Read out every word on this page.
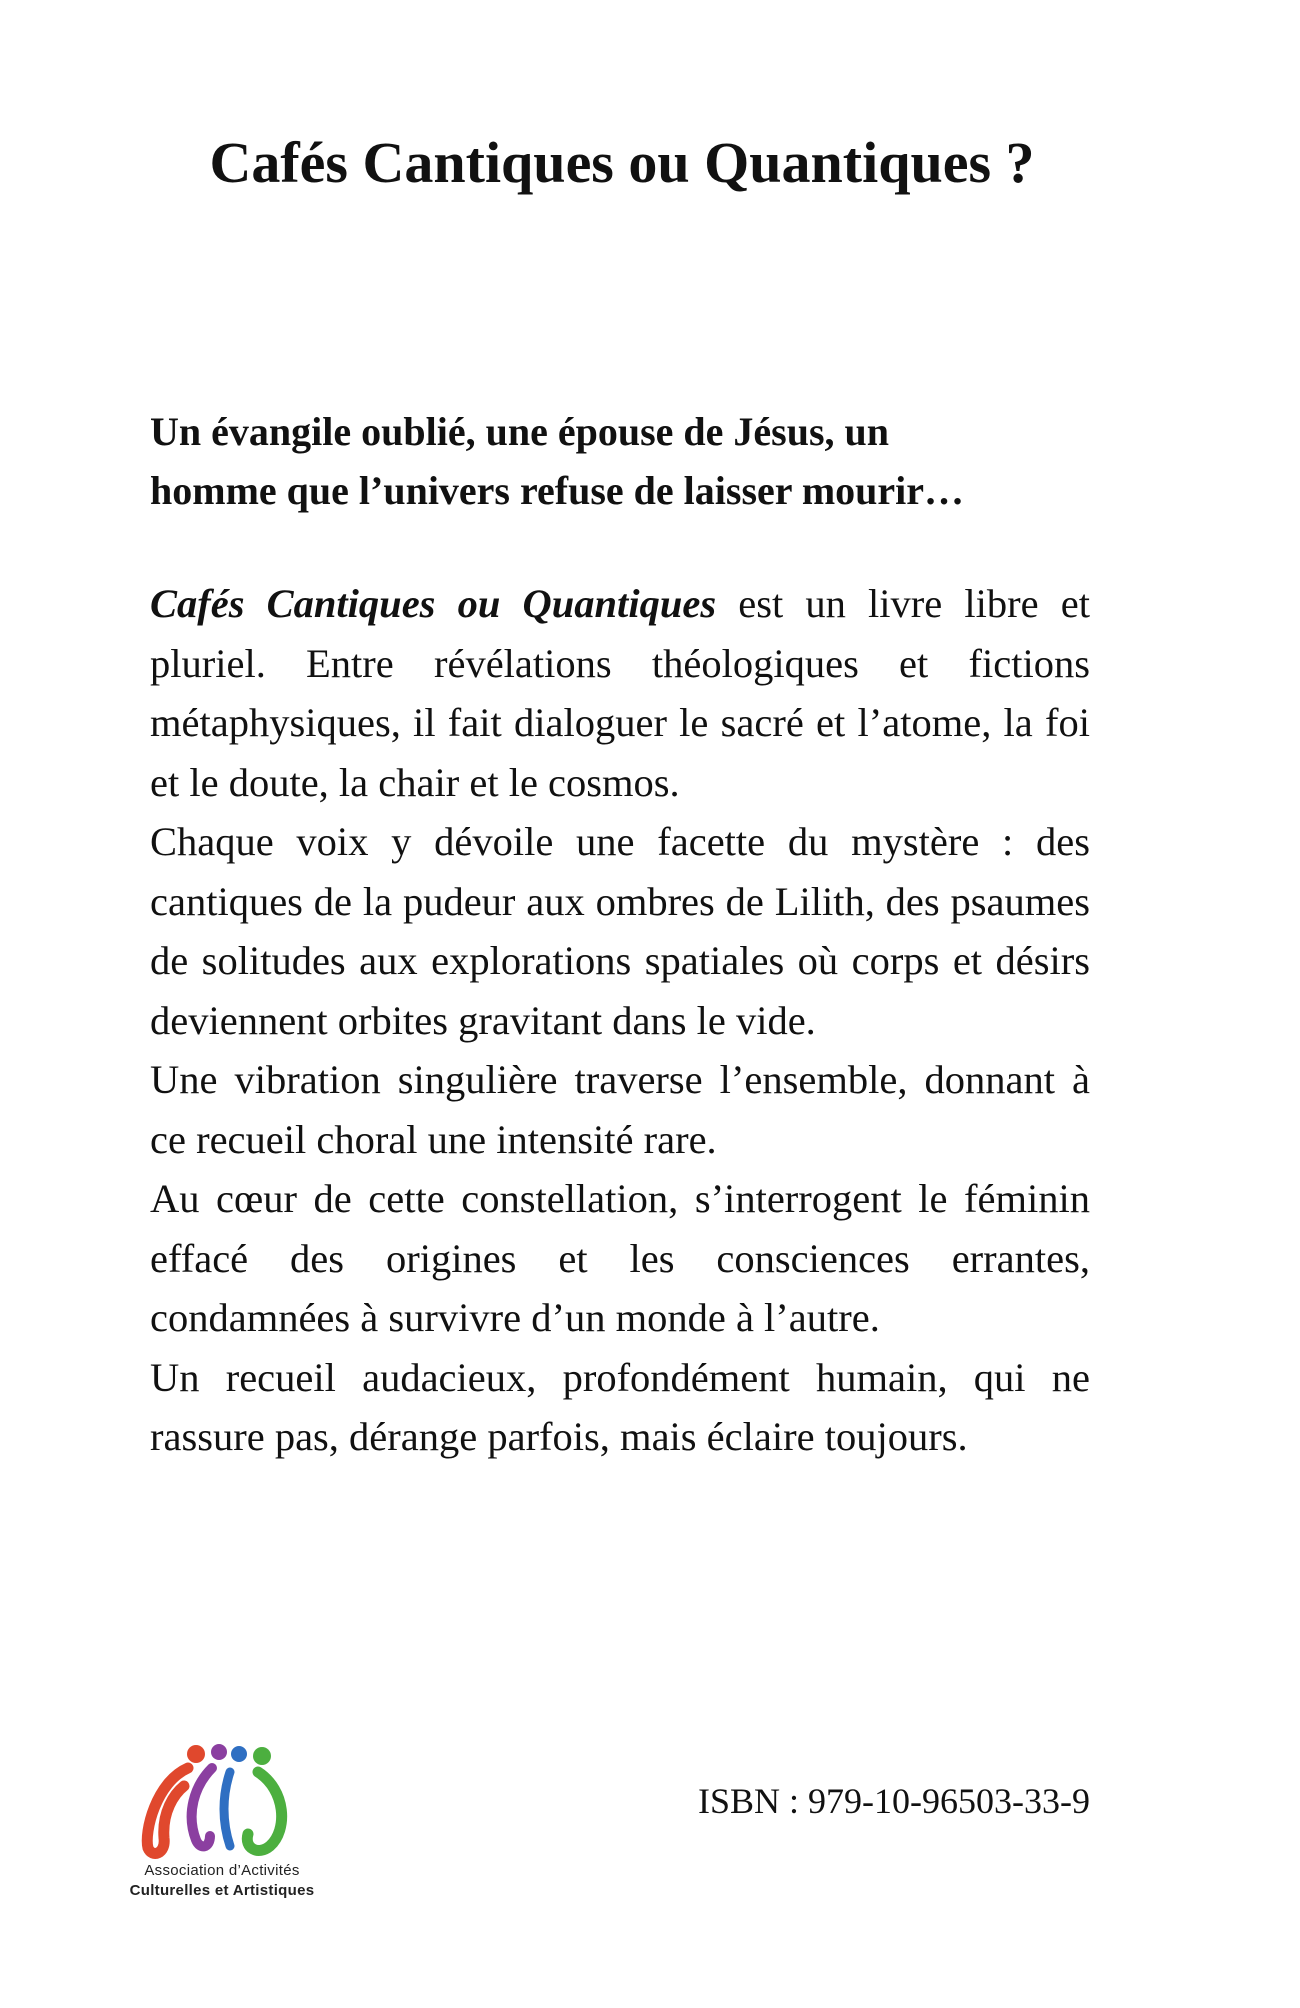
Cafés Cantiques ou Quantiques ?

Un évangile oublié, une épouse de Jésus, un
homme que l’univers refuse de laisser mourir…

Cafés Cantiques ou Quantiques est un livre libre et pluriel. Entre révélations théologiques et fictions métaphysiques, il fait dialoguer le sacré et l’atome, la foi et le doute, la chair et le cosmos.

Chaque voix y dévoile une facette du mystère : des cantiques de la pudeur aux ombres de Lilith, des psaumes de solitudes aux explorations spatiales où corps et désirs deviennent orbites gravitant dans le vide.

Une vibration singulière traverse l’ensemble, donnant à ce recueil choral une intensité rare.

Au cœur de cette constellation, s’interrogent le féminin effacé des origines et les consciences errantes, condamnées à survivre d’un monde à l’autre.

Un recueil audacieux, profondément humain, qui ne rassure pas, dérange parfois, mais éclaire toujours.

Association d’Activités

Culturelles et Artistiques

ISBN : 979-10-96503-33-9
